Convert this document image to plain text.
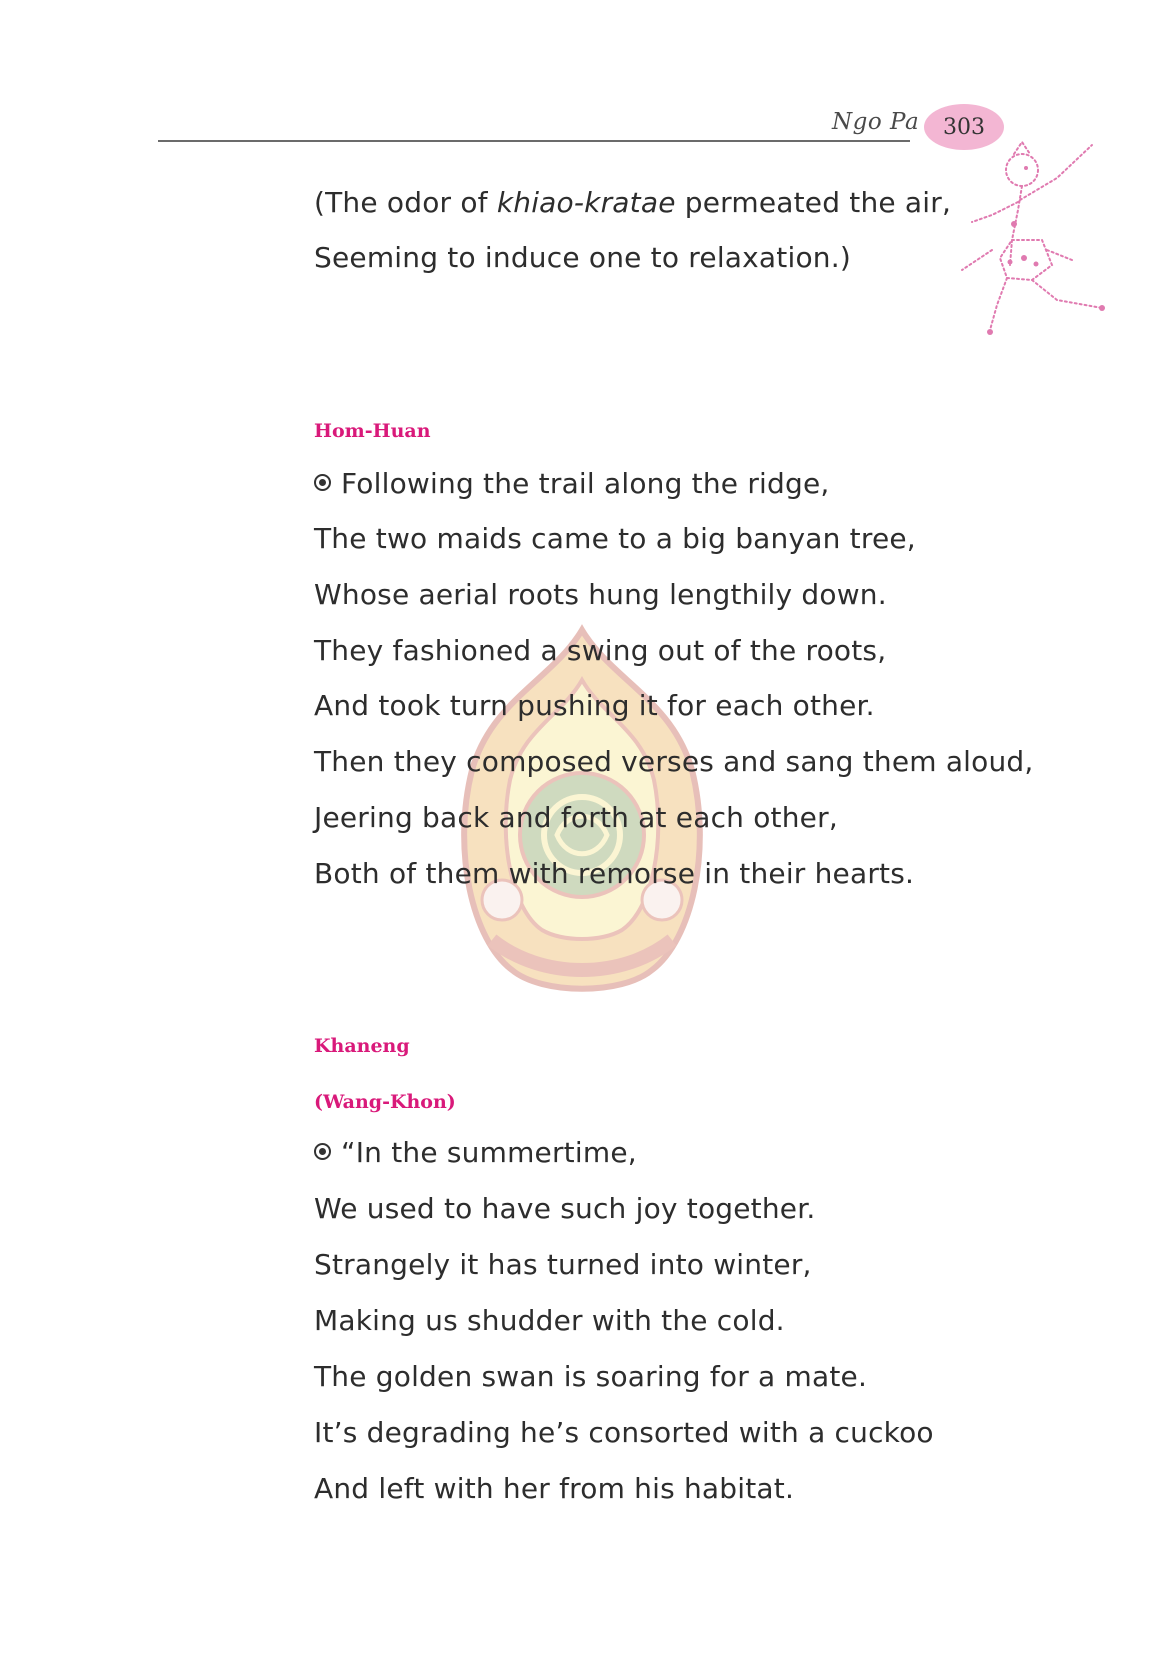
Ngo Pa 303
(The odor of khiao-kratae permeated the air,
Seeming to induce one to relaxation.)
Hom-Huan
Following the trail along the ridge,
The two maids came to a big banyan tree,
Whose aerial roots hung lengthily down.
They fashioned a swing out of the roots,
And took turn pushing it for each other.
Then they composed verses and sang them aloud,
Jeering back and forth at each other,
Both of them with remorse in their hearts.
Khaneng
(Wang-Khon)
“In the summertime,
We used to have such joy together.
Strangely it has turned into winter,
Making us shudder with the cold.
The golden swan is soaring for a mate.
It’s degrading he’s consorted with a cuckoo
And left with her from his habitat.
